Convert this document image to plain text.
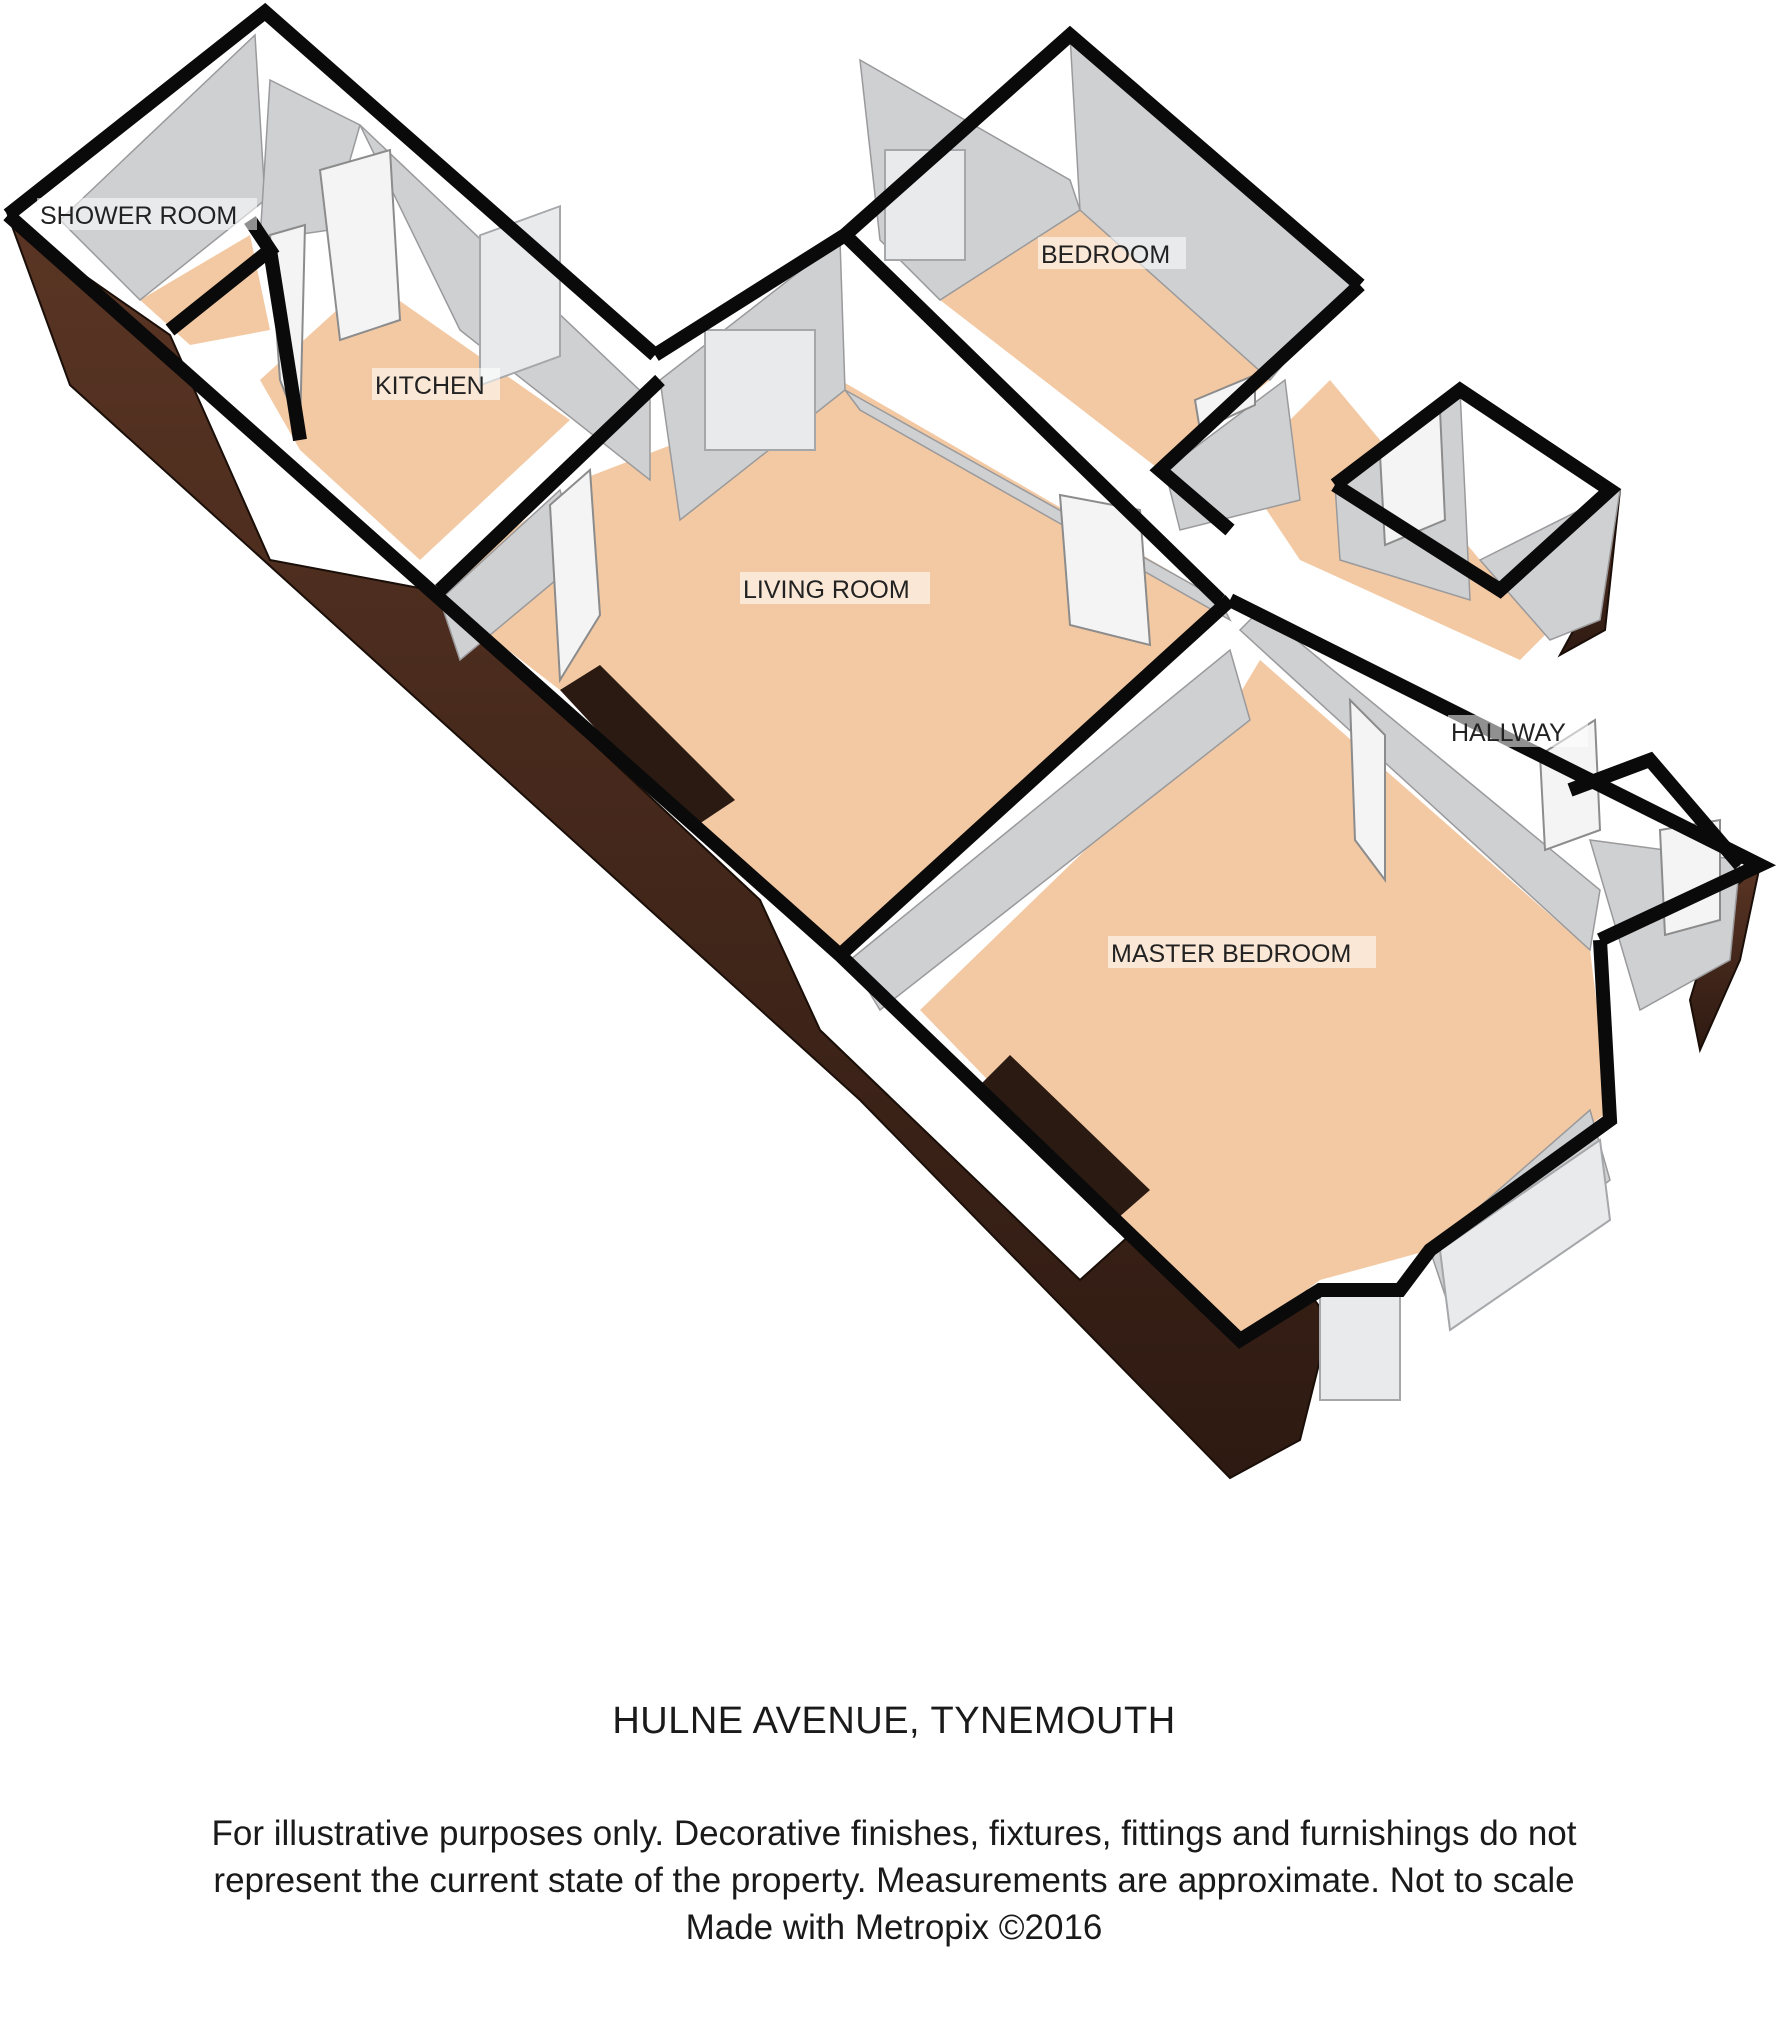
SHOWER ROOM
KITCHEN
BEDROOM
LIVING ROOM
HALLWAY
MASTER BEDROOM
HULNE AVENUE, TYNEMOUTH
For illustrative purposes only. Decorative finishes, fixtures, fittings and furnishings do not
represent the current state of the property. Measurements are approximate. Not to scale
Made with Metropix ©2016
